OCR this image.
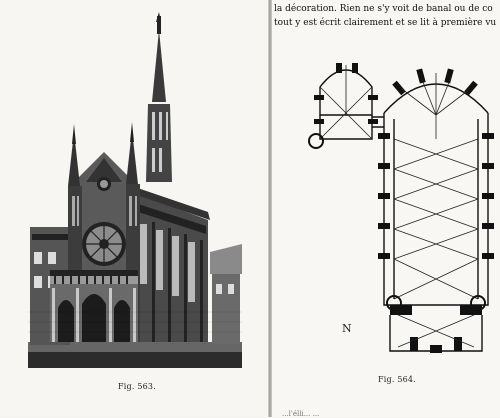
Fig. 563.
la décoration. Rien ne s'y voit de banal ou de co
tout y est écrit clairement et se lit à première vu
N
Fig. 564.
...l'élli... ...
